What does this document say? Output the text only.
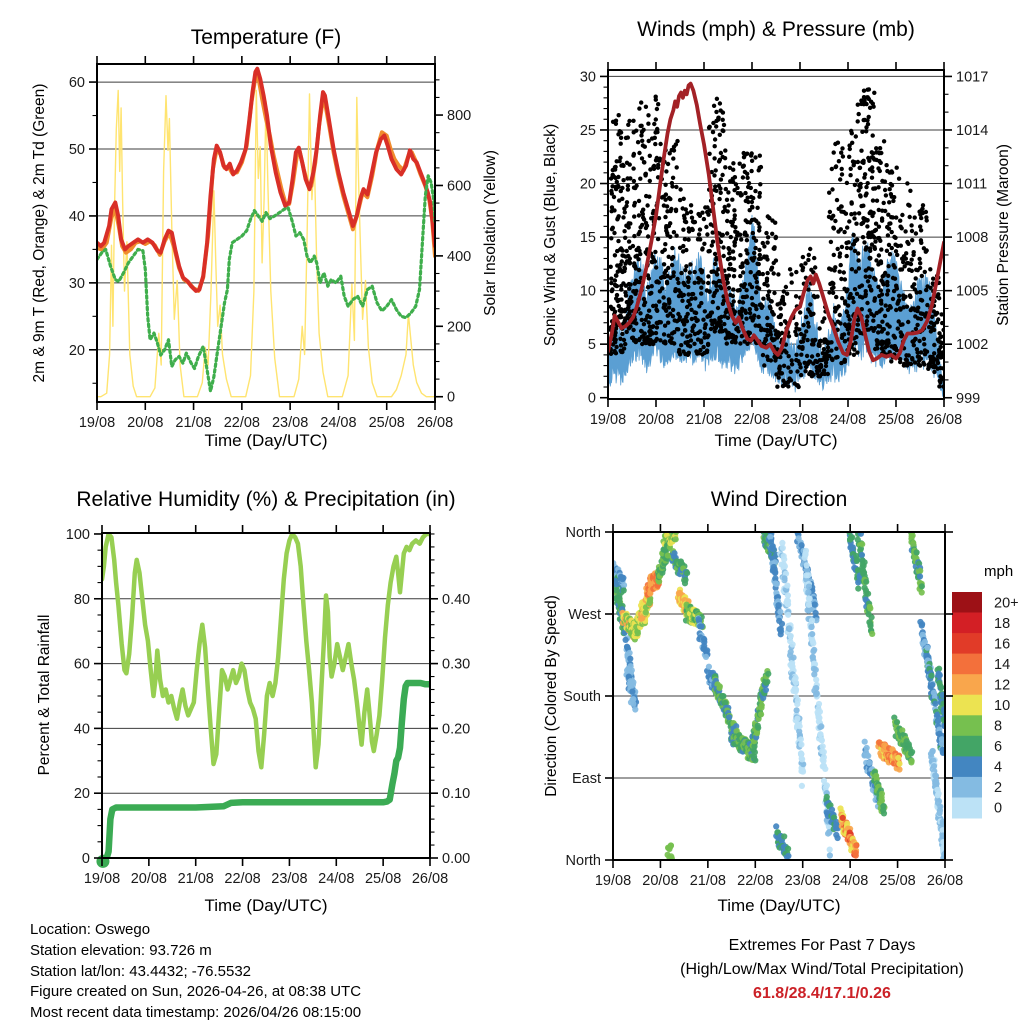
19/08 20/08 21/08 22/08 23/08 24/08 25/08 26/08
20
30
40
50
60
0
200
400
600
800
19/08 20/08 21/08 22/08 23/08 24/08 25/08 26/08
0
5
10
15
20
25
30
999
1002
1005
1008
1011
1014
1017
19/08 20/08 21/08 22/08 23/08 24/08 25/08 26/08
0
20
40
60
80
100
0.00
0.10
0.20
0.30
0.40	20+
18
16
14
12
10
8
6
4
2
0
19/08 20/08 21/08 22/08 23/08 24/08 25/08 26/08
North
West
South
East
North
Temperature (F)	Winds (mph) & Pressure (mb)
Relative Humidity (%) & Precipitation (in)	Wind Direction
Time (Day/UTC)	Time (Day/UTC)
Time (Day/UTC)	Time (Day/UTC)
2m & 9m T (Red, Orange) & 2m Td (Green)	Solar Insolation (Yellow)	Sonic Wind & Gust (Blue, Black)	Station Pressure (Maroon)
Percent & Total Rainfall	Direction (Colored By Speed)
mph
Location: Oswego
Station elevation: 93.726 m
Station lat/lon: 43.4432; -76.5532
Figure created on Sun, 2026-04-26, at 08:38 UTC
Most recent data timestamp: 2026/04/26 08:15:00
Extremes For Past 7 Days
(High/Low/Max Wind/Total Precipitation)
61.8/28.4/17.1/0.26
